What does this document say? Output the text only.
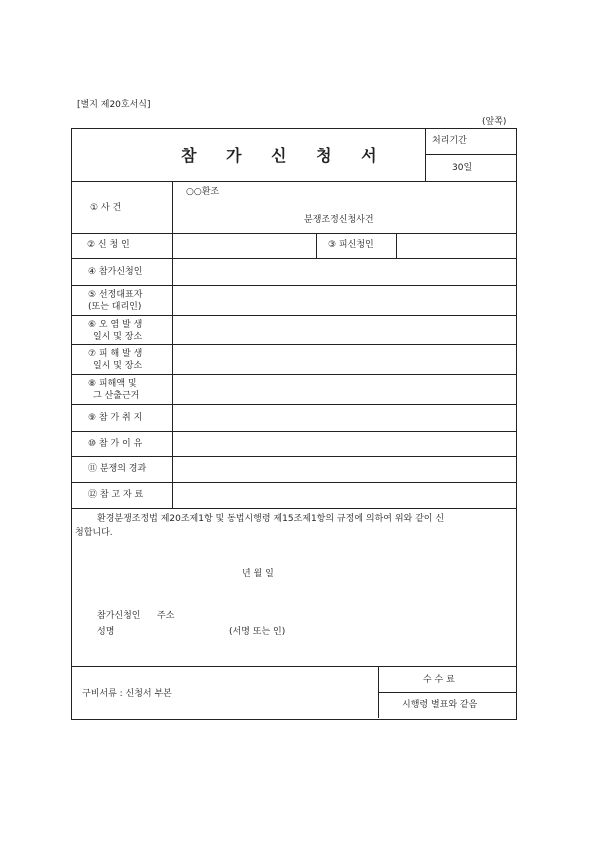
[별지 제20호서식]
(앞쪽)
참 가 신 청 서
처리기간
30일
① 사 건
○○환조
분쟁조정신청사건
② 신 청 인	③ 피신청인
④ 참가신청인
⑤ 선정대표자
(또는 대리인)
⑥ 오 염 발 생
일시 및 장소
⑦ 피 해 발 생
일시 및 장소
⑧ 피해액 및
그 산출근거
⑨ 참 가 취 지
⑩ 참 가 이 유
⑪ 분쟁의 경과
⑫ 참 고 자 료
환경분쟁조정법 제20조제1항 및 동법시행령 제15조제1항의 규정에 의하여 위와 같이 신
청합니다.
년 월 일
참가신청인 주소
성명	(서명 또는 인)
구비서류 : 신청서 부본
수 수 료
시행령 별표와 같음
